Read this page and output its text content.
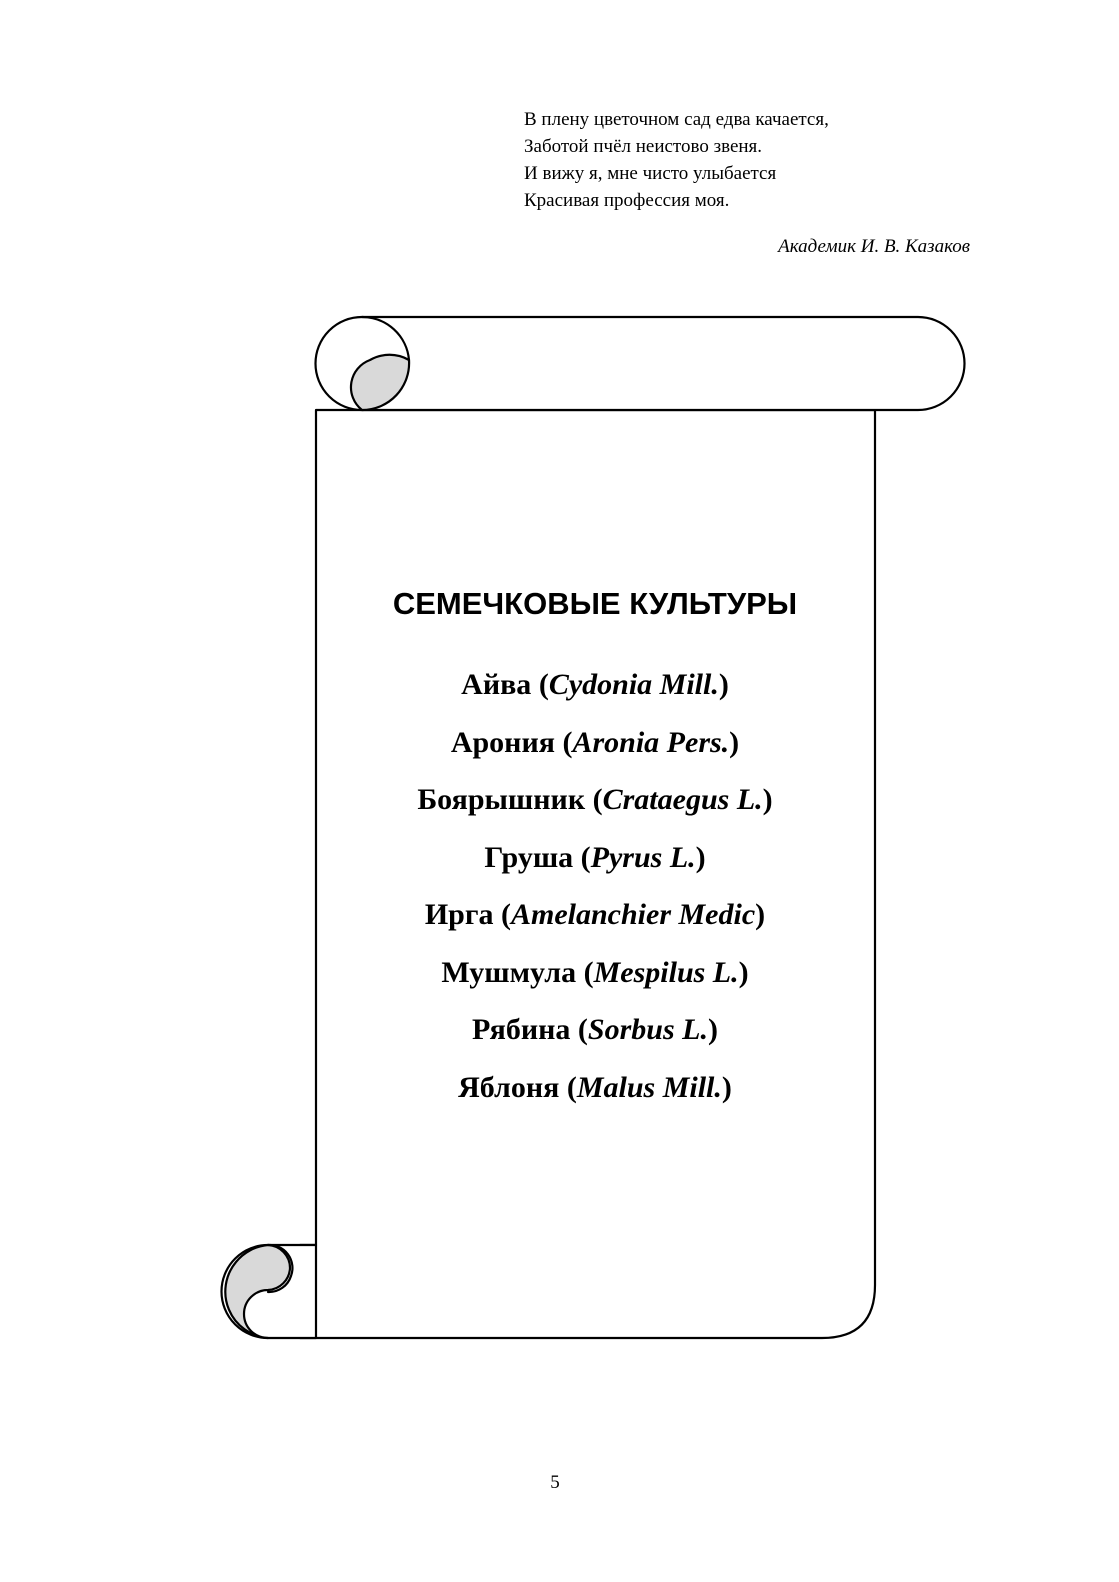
В плену цветочном сад едва качается,
Заботой пчёл неистово звеня.
И вижу я, мне чисто улыбается
Красивая профессия моя.
Академик И. В. Казаков
СЕМЕЧКОВЫЕ КУЛЬТУРЫ
Айва (Cydonia Mill.)
Арония (Aronia Pers.)
Боярышник (Crataegus L.)
Груша (Pyrus L.)
Ирга (Amelanchier Medic)
Мушмула (Mespilus L.)
Рябина (Sorbus L.)
Яблоня (Malus Mill.)
5
